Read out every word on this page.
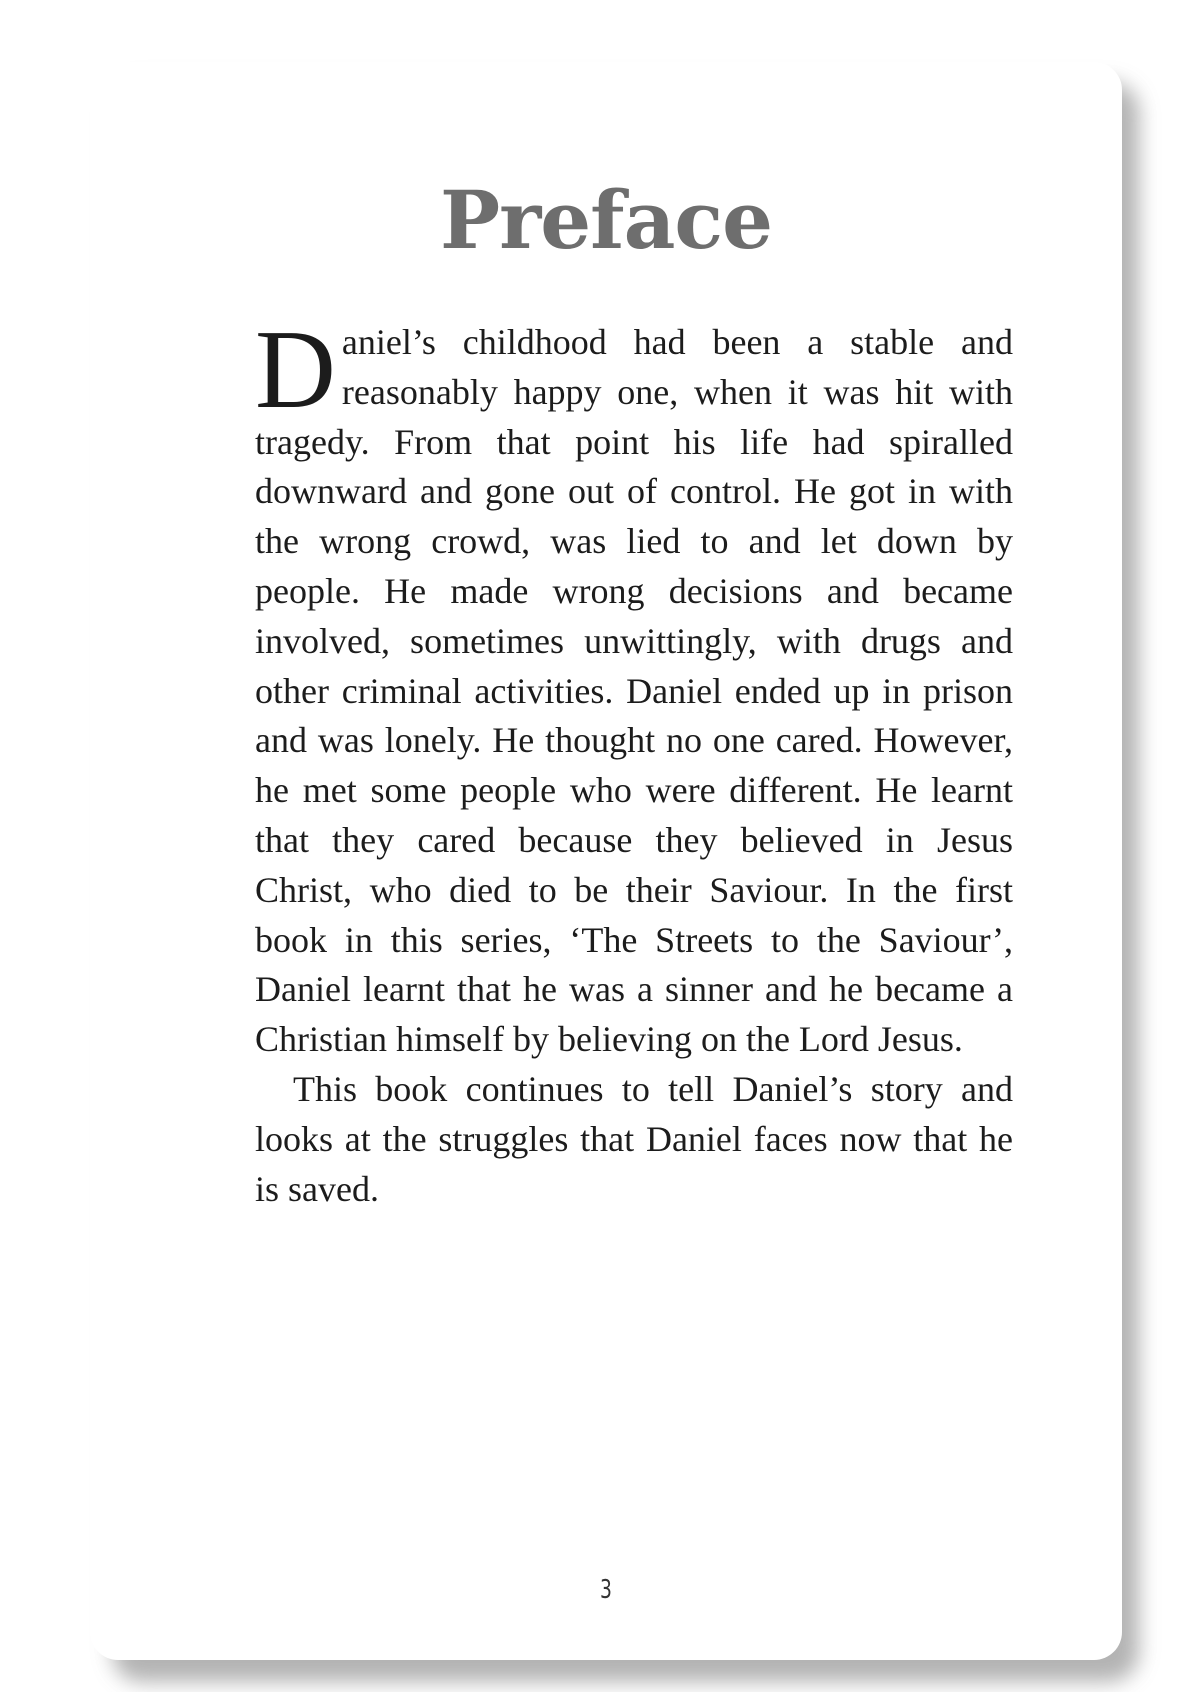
Preface

Daniel’s childhood had been a stable and reasonably happy one, when it was hit with tragedy. From that point his life had spiralled downward and gone out of control. He got in with the wrong crowd, was lied to and let down by people. He made wrong decisions and became involved, sometimes unwittingly, with drugs and other criminal activities. Daniel ended up in prison and was lonely. He thought no one cared. However, he met some people who were different. He learnt that they cared because they believed in Jesus Christ, who died to be their Saviour. In the first book in this series, ‘The Streets to the Saviour’, Daniel learnt that he was a sinner and he became a Christian himself by believing on the Lord Jesus.

This book continues to tell Daniel’s story and looks at the struggles that Daniel faces now that he is saved.

3
